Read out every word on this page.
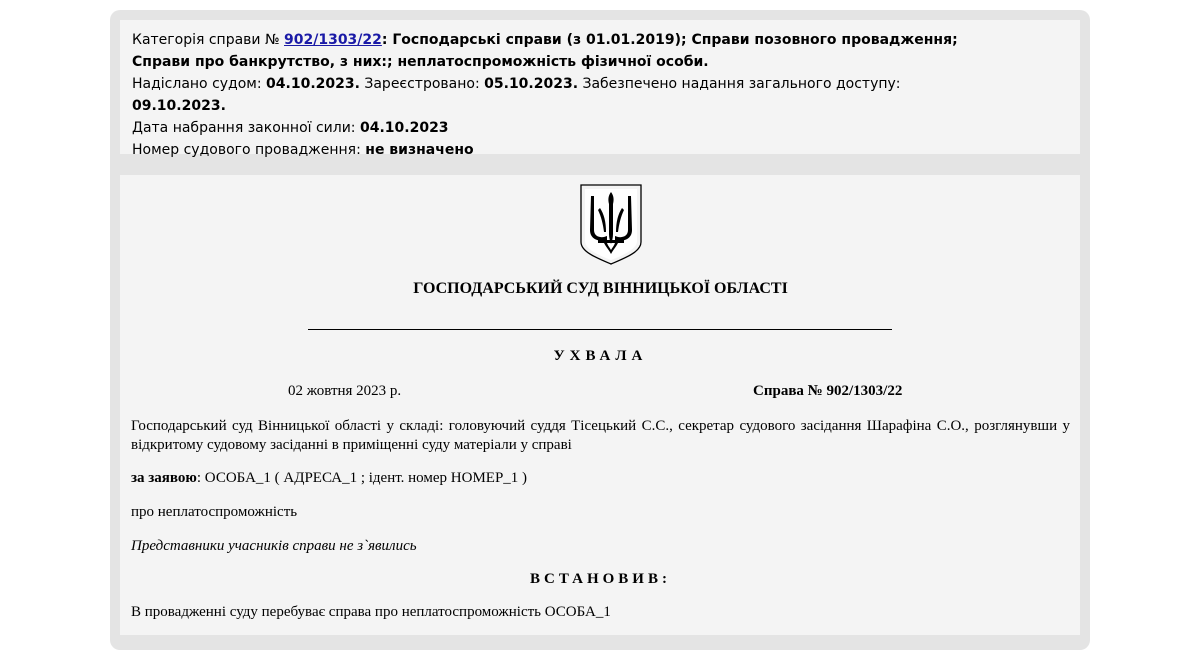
Категорія справи № 902/1303/22: Господарські справи (з 01.01.2019); Справи позовного провадження; Справи про банкрутство, з них:; неплатоспроможність фізичної особи.
Надіслано судом: 04.10.2023. Зареєстровано: 05.10.2023. Забезпечено надання загального доступу: 09.10.2023.
Дата набрання законної сили: 04.10.2023
Номер судового провадження: не визначено
ГОСПОДАРСЬКИЙ СУД ВІННИЦЬКОЇ ОБЛАСТІ
УХВАЛА
02 жовтня 2023 р.	Справа № 902/1303/22
Господарський суд Вінницької області у складі: головуючий суддя Тісецький С.С., секретар судового засідання Шарафіна С.О., розглянувши у відкритому судовому засіданні в приміщенні суду матеріали у справі
за заявою: ОСОБА_1 ( АДРЕСА_1 ; ідент. номер НОМЕР_1 )
про неплатоспроможність
Представники учасників справи не з`явились
ВСТАНОВИВ:
В провадженні суду перебуває справа про неплатоспроможність ОСОБА_1
